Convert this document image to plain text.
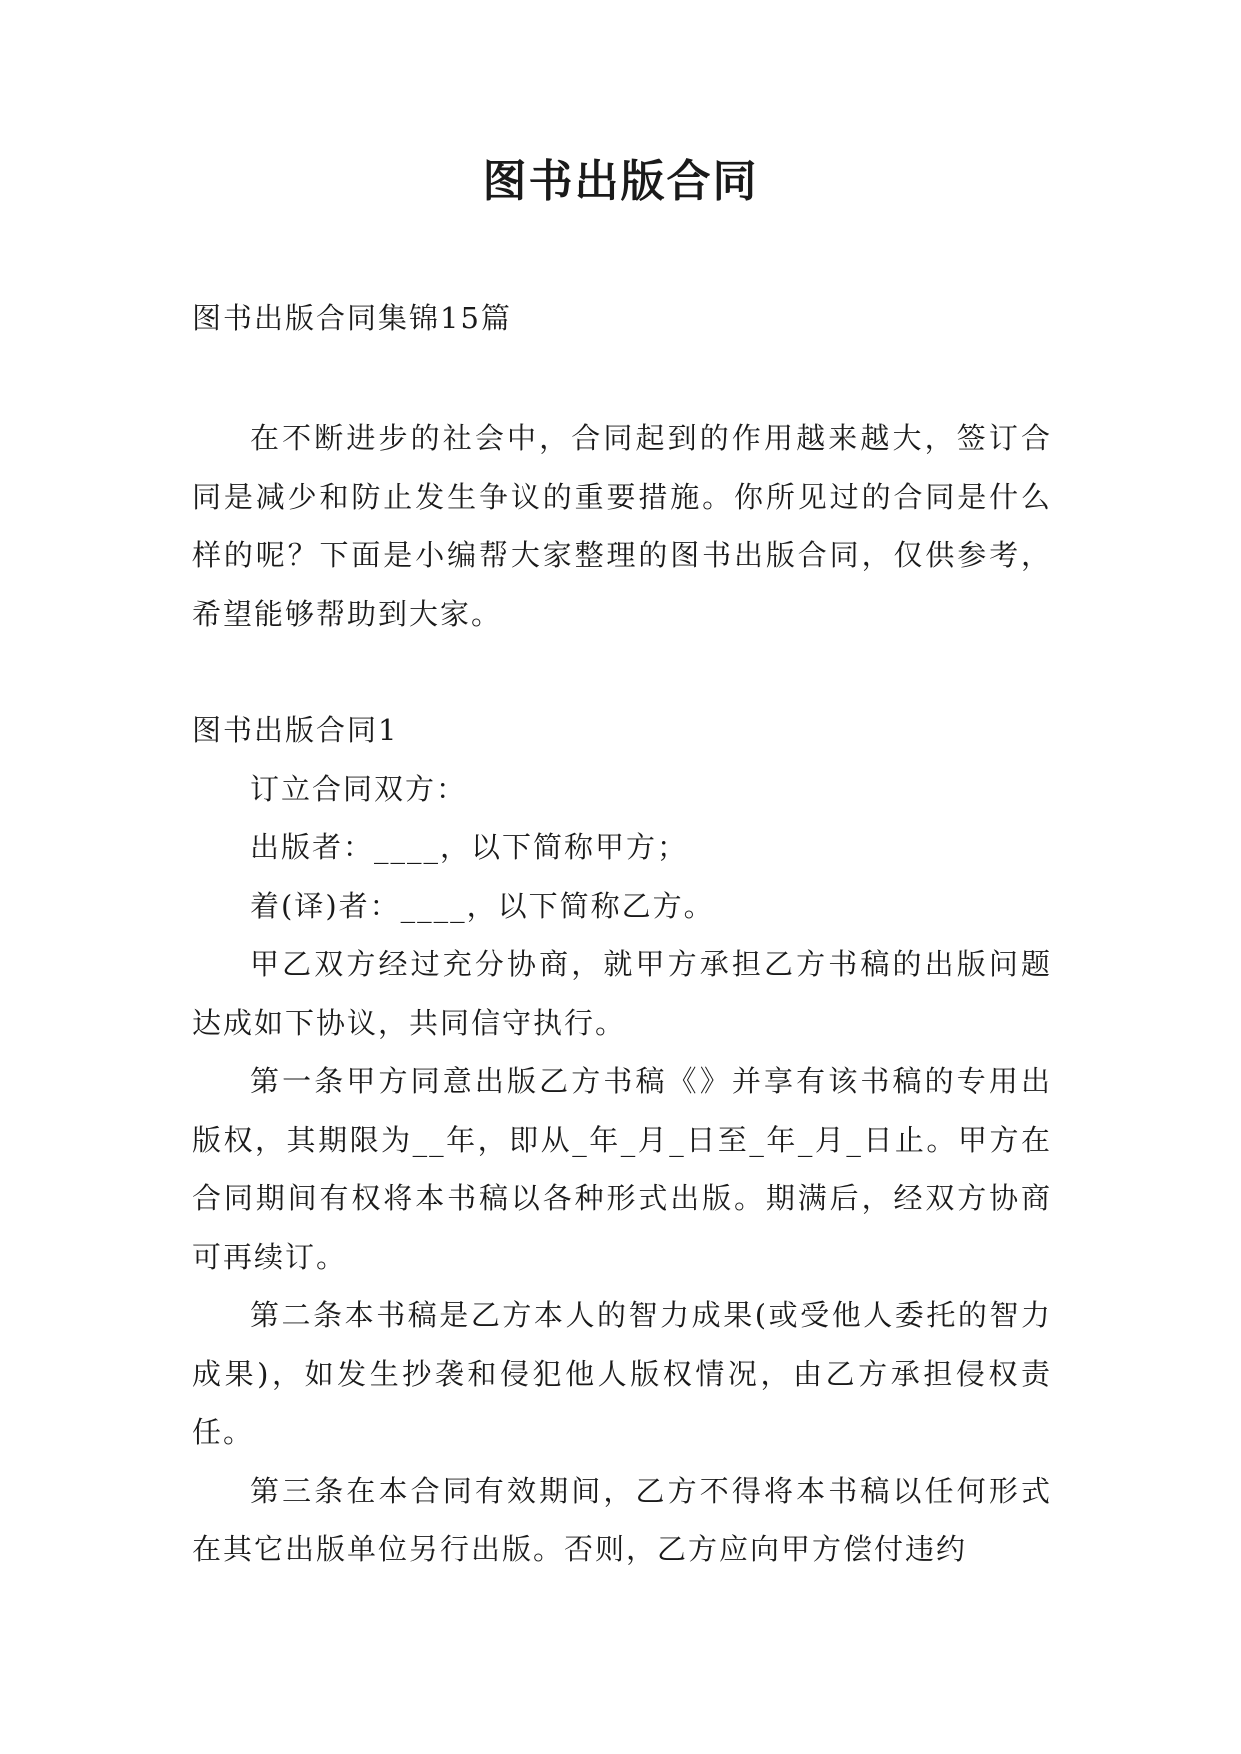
图书出版合同
图书出版合同集锦15篇

在不断进步的社会中，合同起到的作用越来越大，签订合同是减少和防止发生争议的重要措施。你所见过的合同是什么样的呢？下面是小编帮大家整理的图书出版合同，仅供参考，希望能够帮助到大家。

图书出版合同1

订立合同双方：

出版者：____，以下简称甲方；

着(译)者：____，以下简称乙方。

甲乙双方经过充分协商，就甲方承担乙方书稿的出版问题达成如下协议，共同信守执行。

第一条甲方同意出版乙方书稿《》并享有该书稿的专用出版权，其期限为__年，即从_年_月_日至_年_月_日止。甲方在合同期间有权将本书稿以各种形式出版。期满后，经双方协商可再续订。

第二条本书稿是乙方本人的智力成果(或受他人委托的智力成果)，如发生抄袭和侵犯他人版权情况，由乙方承担侵权责任。

第三条在本合同有效期间，乙方不得将本书稿以任何形式在其它出版单位另行出版。否则，乙方应向甲方偿付违约
